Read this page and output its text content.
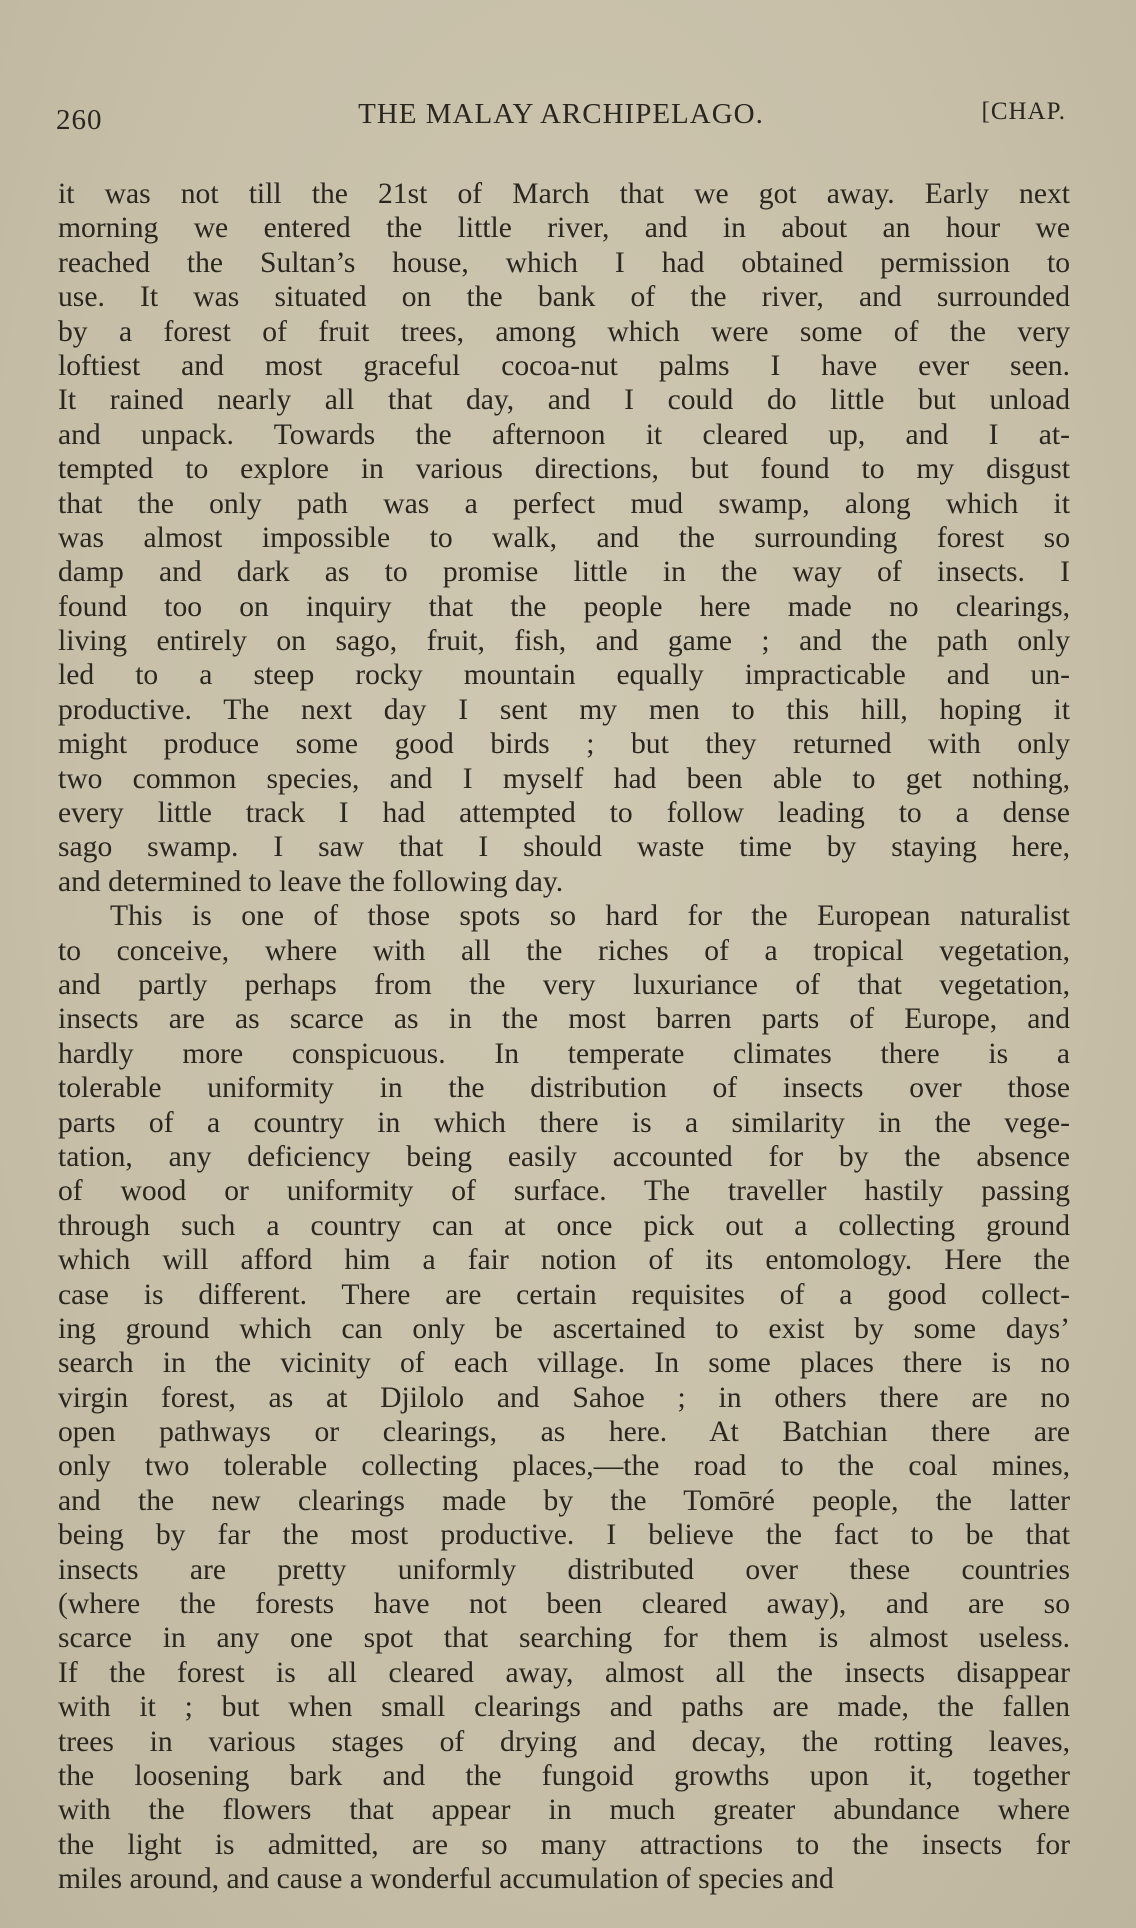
260	THE MALAY ARCHIPELAGO.	[CHAP.
it was not till the 21st of March that we got away. Early next
morning we entered the little river, and in about an hour we
reached the Sultan’s house, which I had obtained permission to
use. It was situated on the bank of the river, and surrounded
by a forest of fruit trees, among which were some of the very
loftiest and most graceful cocoa-nut palms I have ever seen.
It rained nearly all that day, and I could do little but unload
and unpack. Towards the afternoon it cleared up, and I at-
tempted to explore in various directions, but found to my disgust
that the only path was a perfect mud swamp, along which it
was almost impossible to walk, and the surrounding forest so
damp and dark as to promise little in the way of insects. I
found too on inquiry that the people here made no clearings,
living entirely on sago, fruit, fish, and game ; and the path only
led to a steep rocky mountain equally impracticable and un-
productive. The next day I sent my men to this hill, hoping it
might produce some good birds ; but they returned with only
two common species, and I myself had been able to get nothing,
every little track I had attempted to follow leading to a dense
sago swamp. I saw that I should waste time by staying here,
and determined to leave the following day.
This is one of those spots so hard for the European naturalist
to conceive, where with all the riches of a tropical vegetation,
and partly perhaps from the very luxuriance of that vegetation,
insects are as scarce as in the most barren parts of Europe, and
hardly more conspicuous. In temperate climates there is a
tolerable uniformity in the distribution of insects over those
parts of a country in which there is a similarity in the vege-
tation, any deficiency being easily accounted for by the absence
of wood or uniformity of surface. The traveller hastily passing
through such a country can at once pick out a collecting ground
which will afford him a fair notion of its entomology. Here the
case is different. There are certain requisites of a good collect-
ing ground which can only be ascertained to exist by some days’
search in the vicinity of each village. In some places there is no
virgin forest, as at Djilolo and Sahoe ; in others there are no
open pathways or clearings, as here. At Batchian there are
only two tolerable collecting places,—the road to the coal mines,
and the new clearings made by the Tomōré people, the latter
being by far the most productive. I believe the fact to be that
insects are pretty uniformly distributed over these countries
(where the forests have not been cleared away), and are so
scarce in any one spot that searching for them is almost useless.
If the forest is all cleared away, almost all the insects disappear
with it ; but when small clearings and paths are made, the fallen
trees in various stages of drying and decay, the rotting leaves,
the loosening bark and the fungoid growths upon it, together
with the flowers that appear in much greater abundance where
the light is admitted, are so many attractions to the insects for
miles around, and cause a wonderful accumulation of species and
